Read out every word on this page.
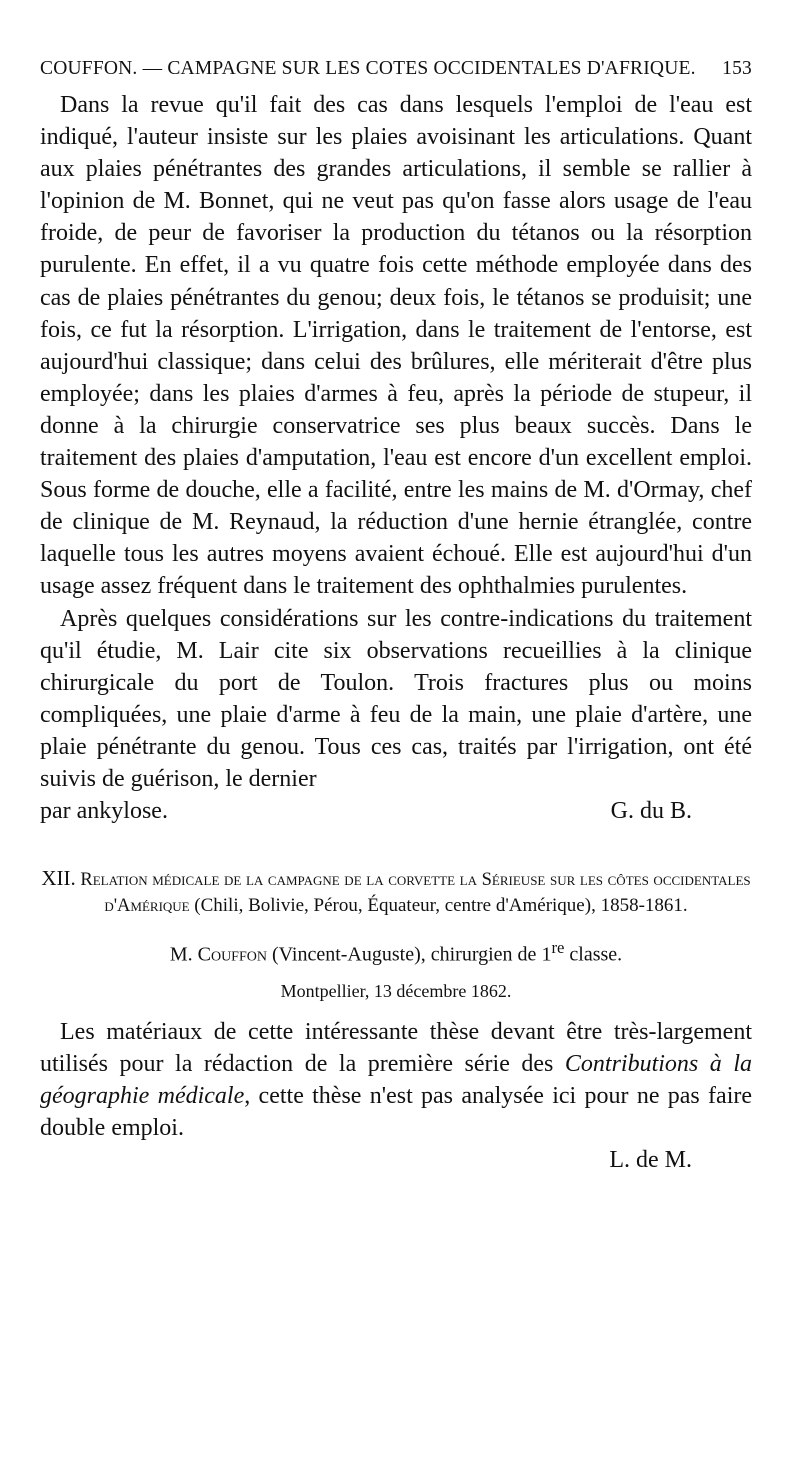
COUFFON. — CAMPAGNE SUR LES COTES OCCIDENTALES D'AFRIQUE. 153

Dans la revue qu'il fait des cas dans lesquels l'emploi de l'eau est indiqué, l'auteur insiste sur les plaies avoisinant les articulations. Quant aux plaies pénétrantes des grandes articulations, il semble se rallier à l'opinion de M. Bonnet, qui ne veut pas qu'on fasse alors usage de l'eau froide, de peur de favoriser la production du tétanos ou la résorption purulente. En effet, il a vu quatre fois cette méthode employée dans des cas de plaies pénétrantes du genou; deux fois, le tétanos se produisit; une fois, ce fut la résorption. L'irrigation, dans le traitement de l'entorse, est aujourd'hui classique; dans celui des brûlures, elle mériterait d'être plus employée; dans les plaies d'armes à feu, après la période de stupeur, il donne à la chirurgie conservatrice ses plus beaux succès. Dans le traitement des plaies d'amputation, l'eau est encore d'un excellent emploi. Sous forme de douche, elle a facilité, entre les mains de M. d'Ormay, chef de clinique de M. Reynaud, la réduction d'une hernie étranglée, contre laquelle tous les autres moyens avaient échoué. Elle est aujourd'hui d'un usage assez fréquent dans le traitement des ophthalmies purulentes.

Après quelques considérations sur les contre-indications du traitement qu'il étudie, M. Lair cite six observations recueillies à la clinique chirurgicale du port de Toulon. Trois fractures plus ou moins compliquées, une plaie d'arme à feu de la main, une plaie d'artère, une plaie pénétrante du genou. Tous ces cas, traités par l'irrigation, ont été suivis de guérison, le dernier

par ankylose.	G. du B.
XII. Relation médicale de la campagne de la corvette la Sérieuse sur les côtes occidentales d'Amérique (Chili, Bolivie, Pérou, Équateur, centre d'Amérique), 1858-1861.
M. Couffon (Vincent-Auguste), chirurgien de 1re classe.
Montpellier, 13 décembre 1862.

Les matériaux de cette intéressante thèse devant être très-largement utilisés pour la rédaction de la première série des Contributions à la géographie médicale, cette thèse n'est pas analysée ici pour ne pas faire double emploi.

L. de M.
